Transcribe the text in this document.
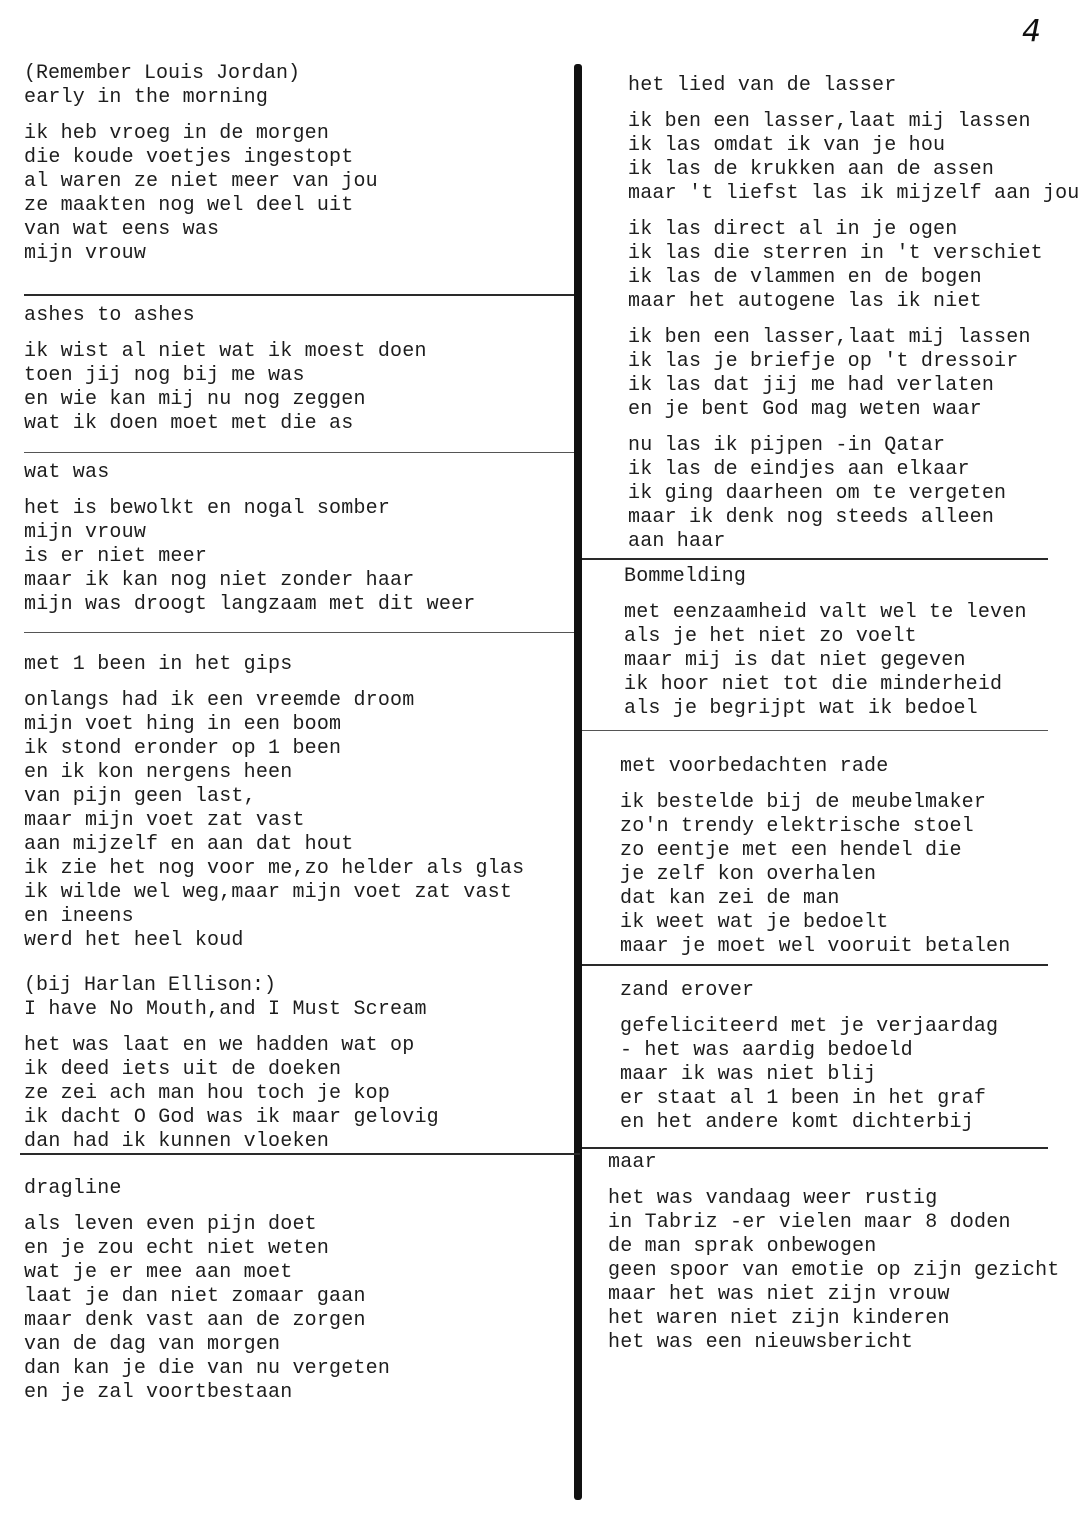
4
(Remember Louis Jordan)
early in the morning
ik heb vroeg in de morgen
die koude voetjes ingestopt
al waren ze niet meer van jou
ze maakten nog wel deel uit
van wat eens was
mijn vrouw
ashes to ashes
ik wist al niet wat ik moest doen
toen jij nog bij me was
en wie kan mij nu nog zeggen
wat ik doen moet met die as
wat was
het is bewolkt en nogal somber
mijn vrouw
is er niet meer
maar ik kan nog niet zonder haar
mijn was droogt langzaam met dit weer
met 1 been in het gips
onlangs had ik een vreemde droom
mijn voet hing in een boom
ik stond eronder op 1 been
en ik kon nergens heen
van pijn geen last,
maar mijn voet zat vast
aan mijzelf en aan dat hout
ik zie het nog voor me,zo helder als glas
ik wilde wel weg,maar mijn voet zat vast
en ineens
werd het heel koud
(bij Harlan Ellison:)
I have No Mouth,and I Must Scream
het was laat en we hadden wat op
ik deed iets uit de doeken
ze zei ach man hou toch je kop
ik dacht O God was ik maar gelovig
dan had ik kunnen vloeken
dragline
als leven even pijn doet
en je zou echt niet weten
wat je er mee aan moet
laat je dan niet zomaar gaan
maar denk vast aan de zorgen
van de dag van morgen
dan kan je die van nu vergeten
en je zal voortbestaan
het lied van de lasser
ik ben een lasser,laat mij lassen
ik las omdat ik van je hou
ik las de krukken aan de assen
maar 't liefst las ik mijzelf aan jou
ik las direct al in je ogen
ik las die sterren in 't verschiet
ik las de vlammen en de bogen
maar het autogene las ik niet
ik ben een lasser,laat mij lassen
ik las je briefje op 't dressoir
ik las dat jij me had verlaten
en je bent God mag weten waar
nu las ik pijpen -in Qatar
ik las de eindjes aan elkaar
ik ging daarheen om te vergeten
maar ik denk nog steeds alleen
aan haar
Bommelding
met eenzaamheid valt wel te leven
als je het niet zo voelt
maar mij is dat niet gegeven
ik hoor niet tot die minderheid
als je begrijpt wat ik bedoel
met voorbedachten rade
ik bestelde bij de meubelmaker
zo'n trendy elektrische stoel
zo eentje met een hendel die
je zelf kon overhalen
dat kan zei de man
ik weet wat je bedoelt
maar je moet wel vooruit betalen
zand erover
gefeliciteerd met je verjaardag
- het was aardig bedoeld
maar ik was niet blij
er staat al 1 been in het graf
en het andere komt dichterbij
maar
het was vandaag weer rustig
in Tabriz -er vielen maar 8 doden
de man sprak onbewogen
geen spoor van emotie op zijn gezicht
maar het was niet zijn vrouw
het waren niet zijn kinderen
het was een nieuwsbericht
